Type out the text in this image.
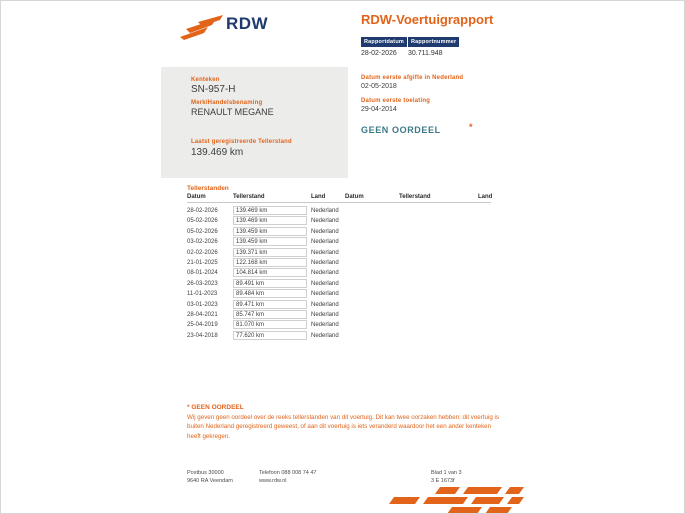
RDW	RDW-Voertuigrapport
Rapportdatum	Rapportnummer
28-02-2026 30.711.948
Kenteken
SN-957-H
Merk/Handelsbenaming
RENAULT MEGANE
Laatst geregistreerde Tellerstand
139.469 km
Datum eerste afgifte in Nederland
02-05-2018
Datum eerste toelating
29-04-2014
GEEN OORDEEL	*
Tellerstanden
Datum	Tellerstand	Land	Datum	Tellerstand	Land
28-02-2026	139.469 km	Nederland
05-02-2026	139.469 km	Nederland
05-02-2026	139.459 km	Nederland
03-02-2026	139.459 km	Nederland
02-02-2026	139.371 km	Nederland
21-01-2025	122.168 km	Nederland
08-01-2024	104.814 km	Nederland
26-03-2023	89.491 km	Nederland
11-01-2023	89.484 km	Nederland
03-01-2023	89.471 km	Nederland
28-04-2021	85.747 km	Nederland
25-04-2019	81.070 km	Nederland
23-04-2018	77.620 km	Nederland
* GEEN OORDEEL
Wij geven geen oordeel over de reeks tellerstanden van dit voertuig. Dit kan twee oorzaken hebben: dit voertuig is buiten Nederland geregistreerd geweest, of aan dit voertuig is iets veranderd waardoor het een ander kenteken heeft gekregen.
Postbus 30000
9640 RA Veendam
Telefoon 088 008 74 47
www.rdw.nl
Blad 1 van 3
3 E 1673f
